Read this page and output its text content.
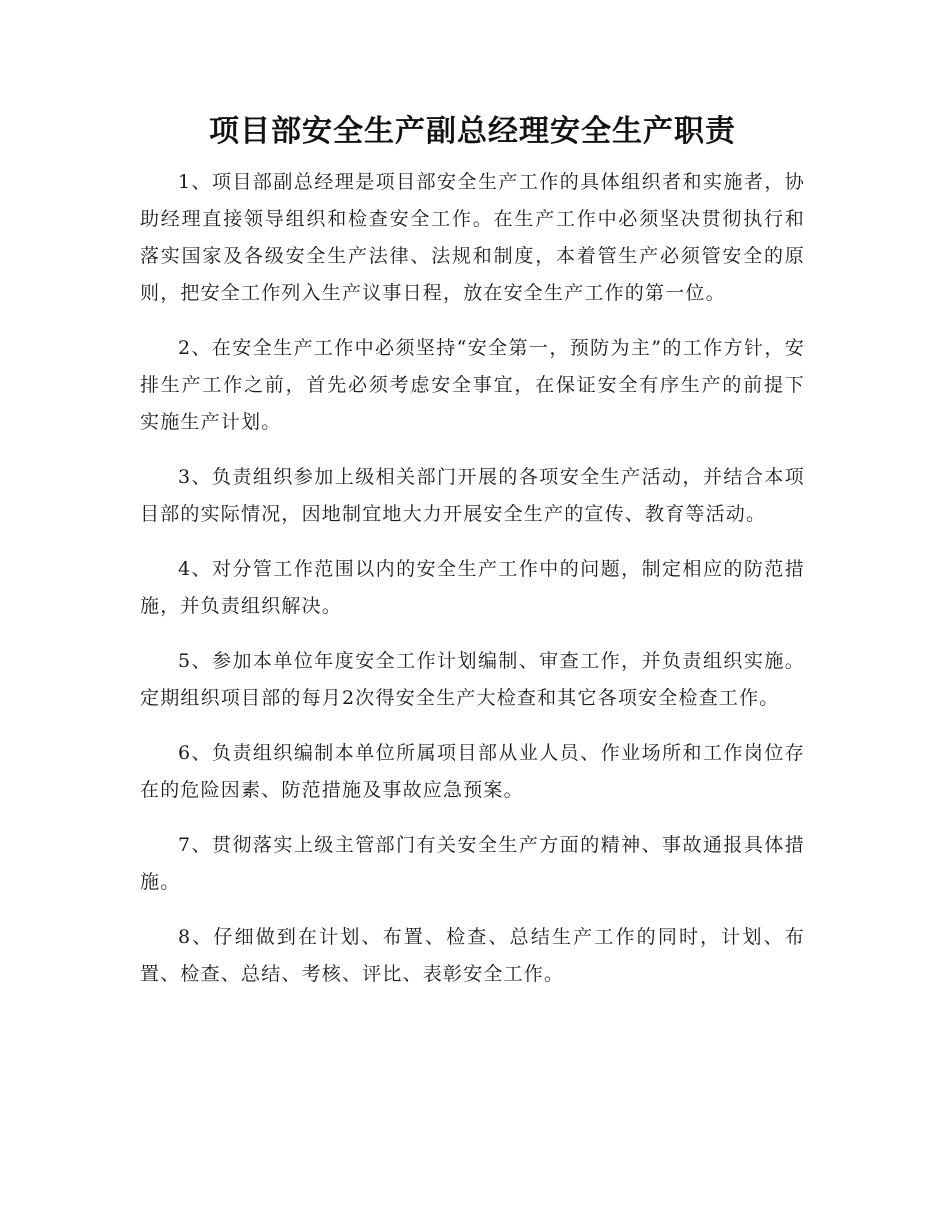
项目部安全生产副总经理安全生产职责

1、项目部副总经理是项目部安全生产工作的具体组织者和实施者，协助经理直接领导组织和检查安全工作。在生产工作中必须坚决贯彻执行和落实国家及各级安全生产法律、法规和制度，本着管生产必须管安全的原则，把安全工作列入生产议事日程，放在安全生产工作的第一位。

2、在安全生产工作中必须坚持“安全第一，预防为主”的工作方针，安排生产工作之前，首先必须考虑安全事宜，在保证安全有序生产的前提下实施生产计划。

3、负责组织参加上级相关部门开展的各项安全生产活动，并结合本项目部的实际情况，因地制宜地大力开展安全生产的宣传、教育等活动。

4、对分管工作范围以内的安全生产工作中的问题，制定相应的防范措施，并负责组织解决。

5、参加本单位年度安全工作计划编制、审查工作，并负责组织实施。定期组织项目部的每月2次得安全生产大检查和其它各项安全检查工作。

6、负责组织编制本单位所属项目部从业人员、作业场所和工作岗位存在的危险因素、防范措施及事故应急预案。

7、贯彻落实上级主管部门有关安全生产方面的精神、事故通报具体措施。

8、仔细做到在计划、布置、检查、总结生产工作的同时，计划、布置、检查、总结、考核、评比、表彰安全工作。
